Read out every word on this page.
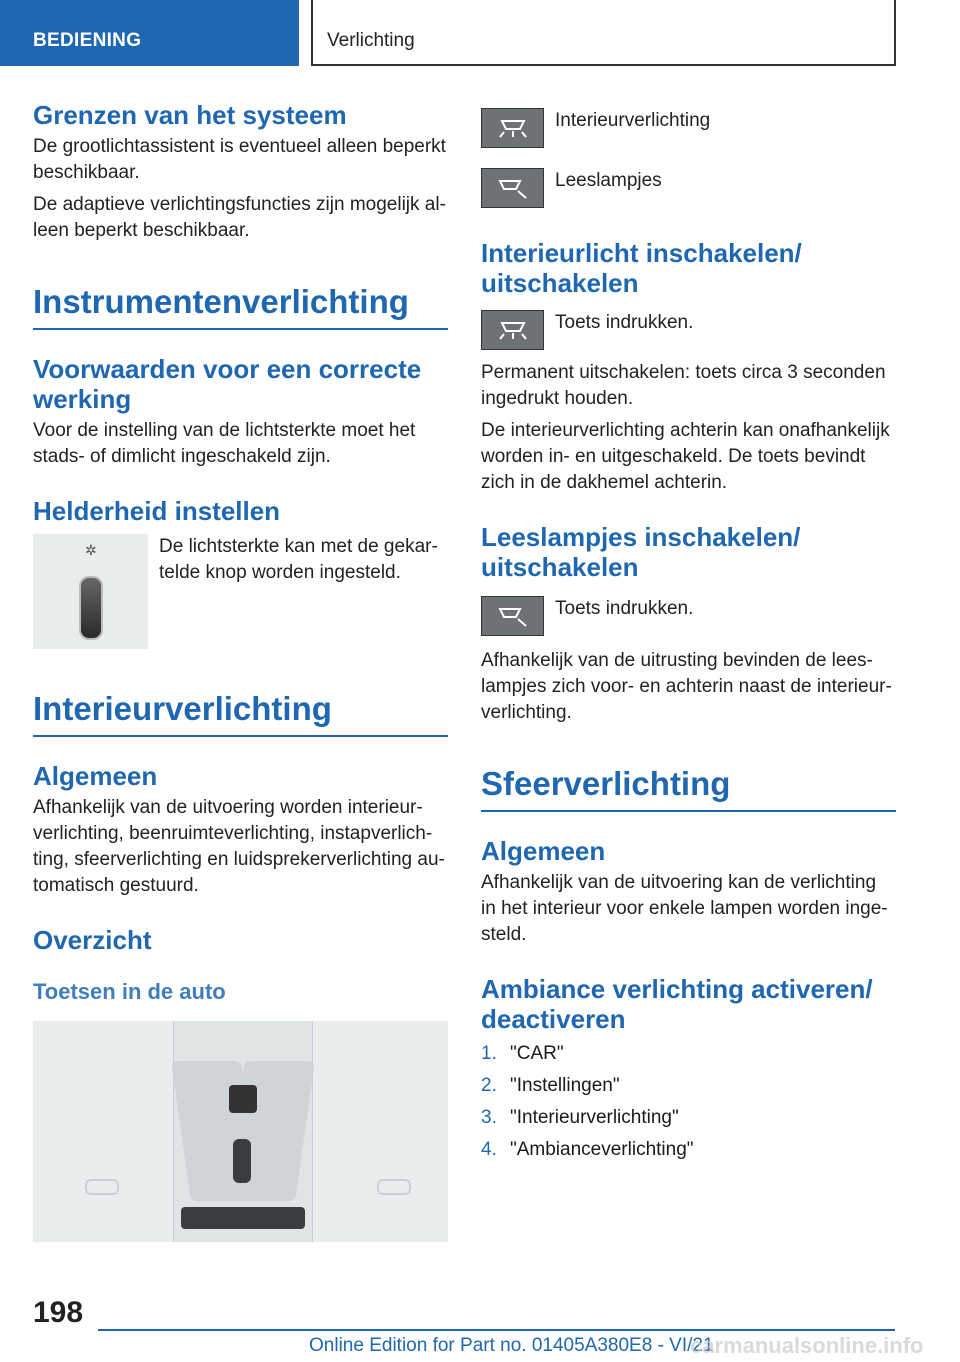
BEDIENING	Verlichting
Grenzen van het systeem
De grootlichtassistent is eventueel alleen beperkt beschikbaar.
De adaptieve verlichtingsfuncties zijn mogelijk al-leen beperkt beschikbaar.
Instrumentenverlichting
Voorwaarden voor een correcte werking
Voor de instelling van de lichtsterkte moet het stads- of dimlicht ingeschakeld zijn.
Helderheid instellen
✲	De lichtsterkte kan met de gekar-telde knop worden ingesteld.
Interieurverlichting
Algemeen
Afhankelijk van de uitvoering worden interieur-verlichting, beenruimteverlichting, instapverlich-ting, sfeerverlichting en luidsprekerverlichting au-tomatisch gestuurd.
Overzicht
Toetsen in de auto
Interieurverlichting
Leeslampjes
Interieurlicht inschakelen/ uitschakelen
Toets indrukken.
Permanent uitschakelen: toets circa 3 seconden ingedrukt houden.
De interieurverlichting achterin kan onafhankelijk worden in- en uitgeschakeld. De toets bevindt zich in de dakhemel achterin.
Leeslampjes inschakelen/ uitschakelen
Toets indrukken.
Afhankelijk van de uitrusting bevinden de lees-lampjes zich voor- en achterin naast de interieur-verlichting.
Sfeerverlichting
Algemeen
Afhankelijk van de uitvoering kan de verlichting in het interieur voor enkele lampen worden inge-steld.
Ambiance verlichting activeren/ deactiveren
1. "CAR"
2. "Instellingen"
3. "Interieurverlichting"
4. "Ambianceverlichting"
198
Online Edition for Part no. 01405A380E8 - VI/21
carmanualsonline.info
